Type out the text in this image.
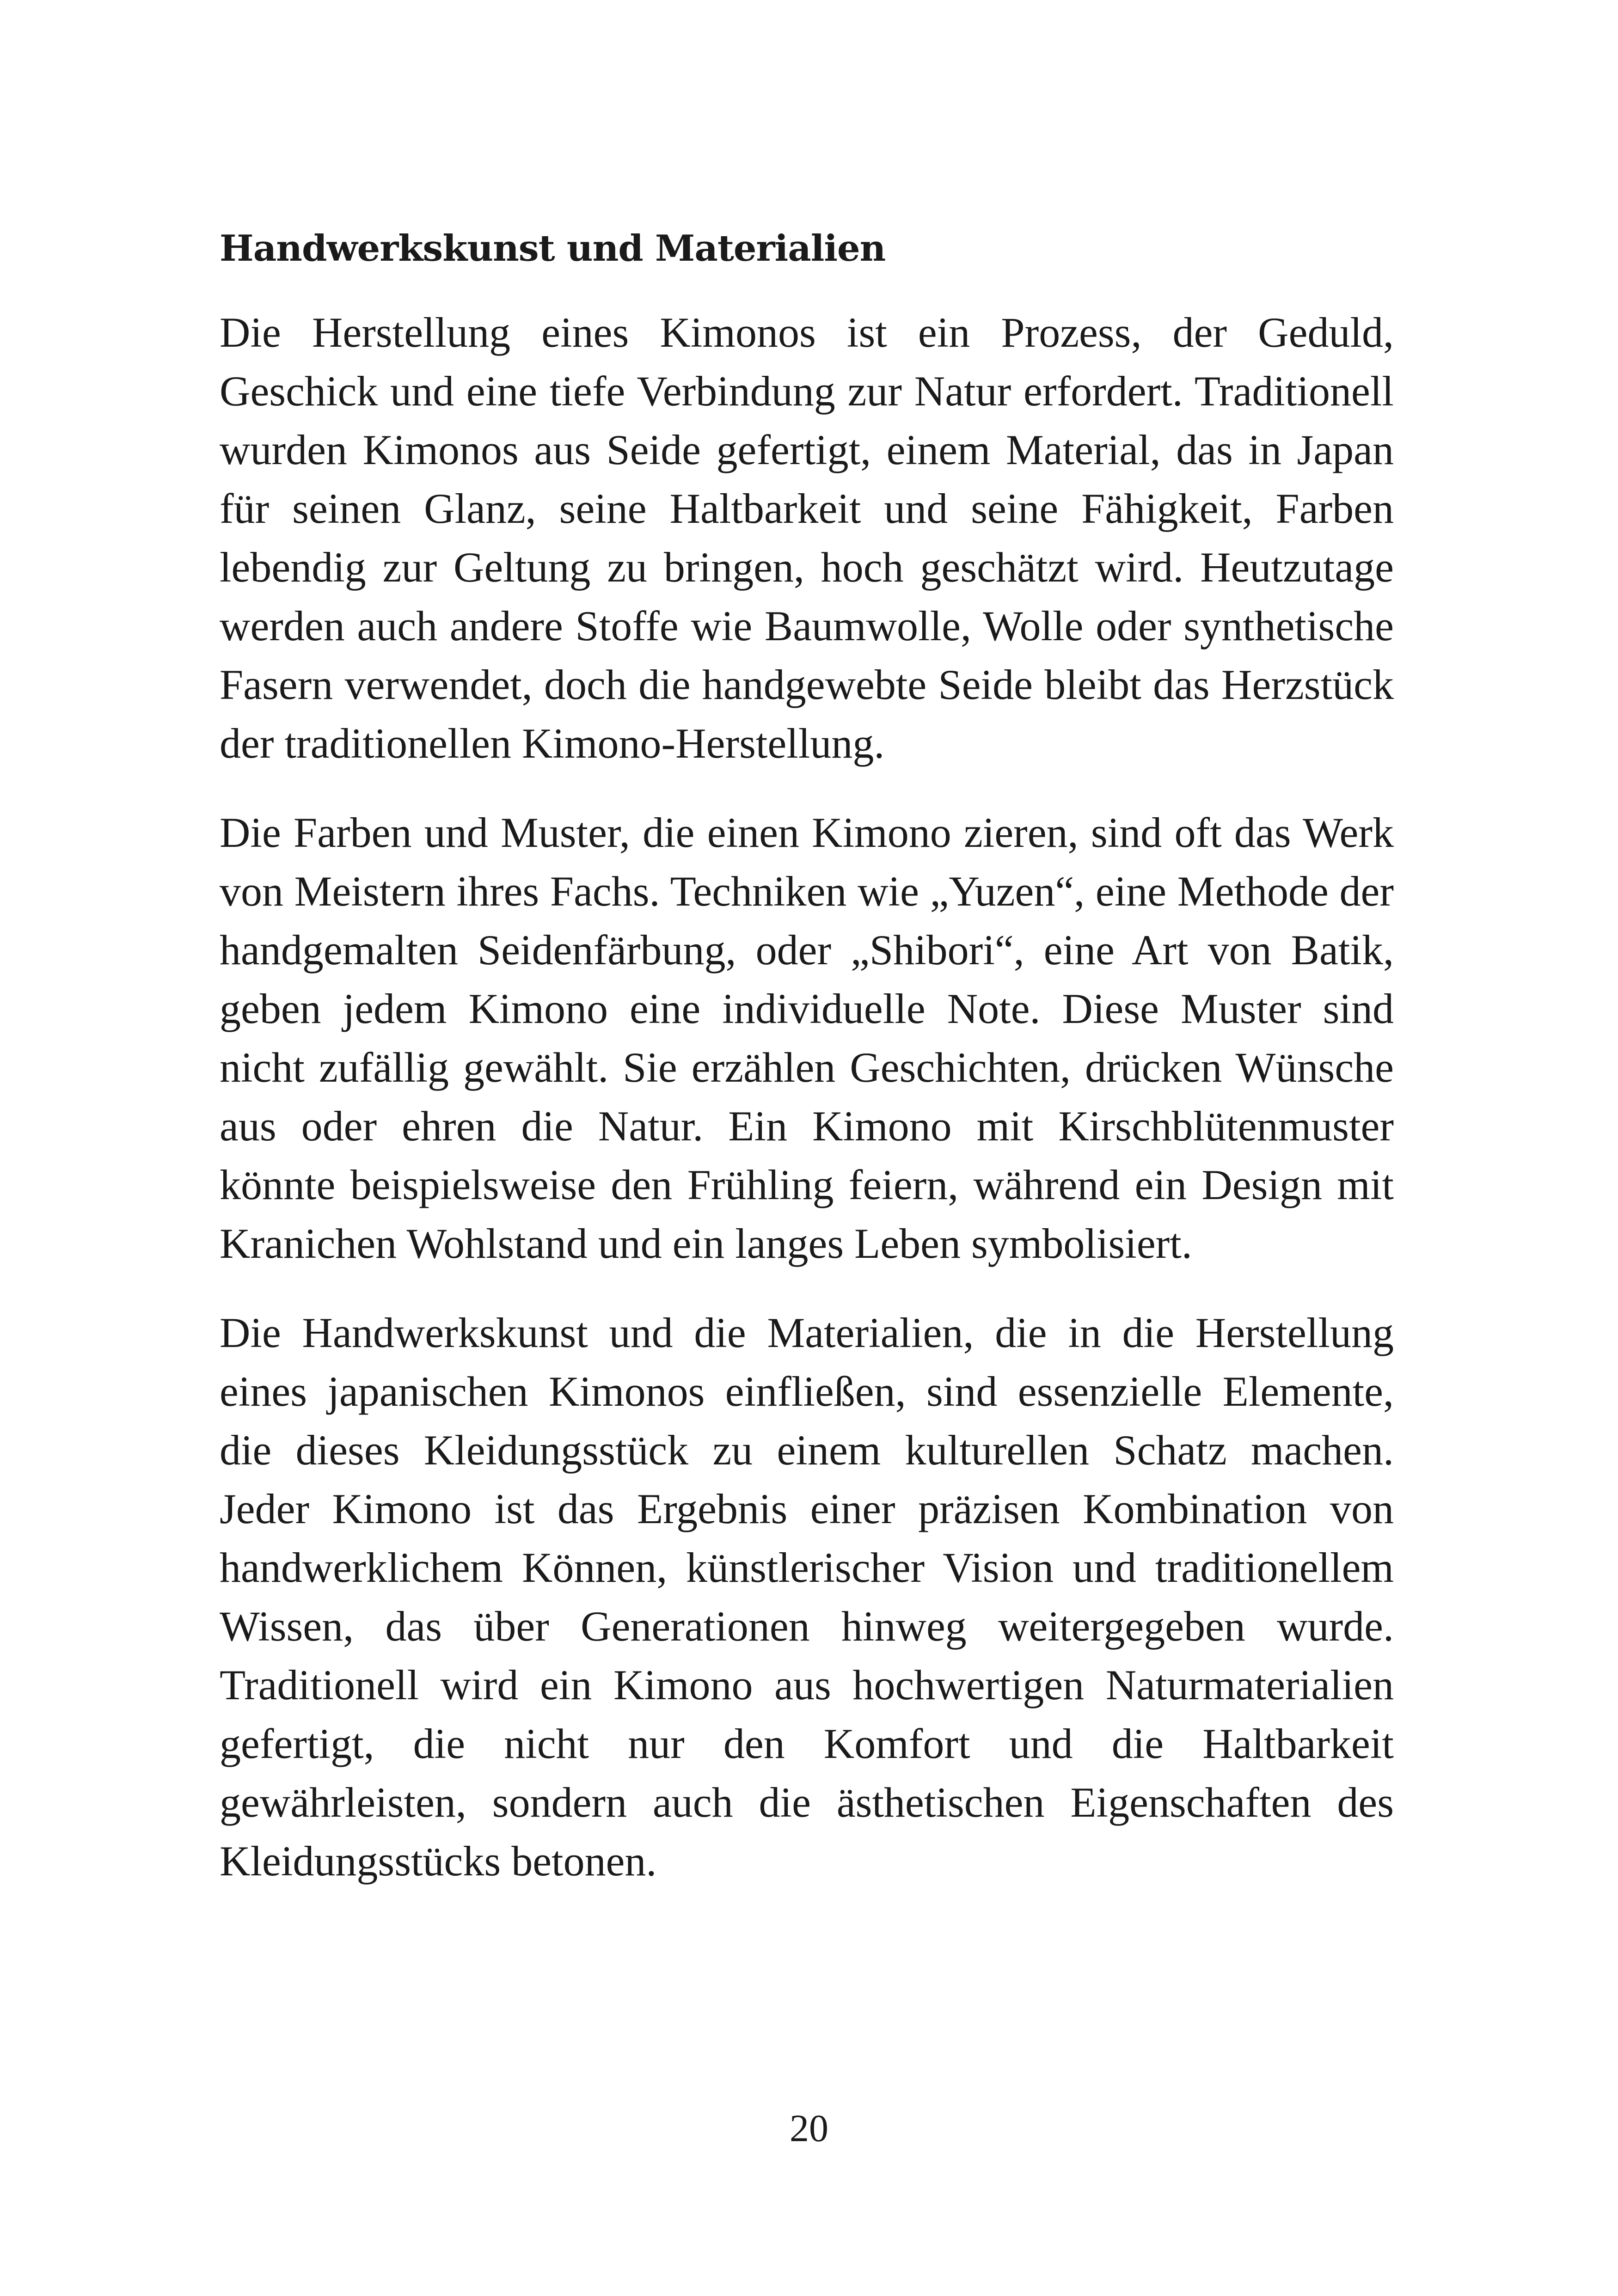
Handwerkskunst und Materialien

Die Herstellung eines Kimonos ist ein Prozess, der Geduld, Geschick und eine tiefe Verbindung zur Natur erfordert. Traditionell wurden Kimonos aus Seide gefertigt, einem Material, das in Japan für seinen Glanz, seine Haltbarkeit und seine Fähigkeit, Farben lebendig zur Geltung zu bringen, hoch geschätzt wird. Heutzutage werden auch andere Stoffe wie Baumwolle, Wolle oder synthetische Fasern verwendet, doch die handgewebte Seide bleibt das Herzstück der traditionellen Kimono-Herstellung.

Die Farben und Muster, die einen Kimono zieren, sind oft das Werk von Meistern ihres Fachs. Techniken wie „Yuzen“, eine Methode der handgemalten Seidenfärbung, oder „Shibori“, eine Art von Batik, geben jedem Kimono eine individuelle Note. Diese Muster sind nicht zufällig gewählt. Sie erzählen Geschichten, drücken Wünsche aus oder ehren die Natur. Ein Kimono mit Kirschblütenmuster könnte beispielsweise den Frühling feiern, während ein Design mit Kranichen Wohlstand und ein langes Leben symbolisiert.

Die Handwerkskunst und die Materialien, die in die Herstellung eines japanischen Kimonos einfließen, sind essenzielle Elemente, die dieses Kleidungsstück zu einem kulturellen Schatz machen. Jeder Kimono ist das Ergebnis einer präzisen Kombination von handwerklichem Können, künstlerischer Vision und traditionellem Wissen, das über Generationen hinweg weitergegeben wurde. Traditionell wird ein Kimono aus hochwertigen Naturmaterialien gefertigt, die nicht nur den Komfort und die Haltbarkeit gewährleisten, sondern auch die ästhetischen Eigenschaften des Kleidungsstücks betonen.

20
